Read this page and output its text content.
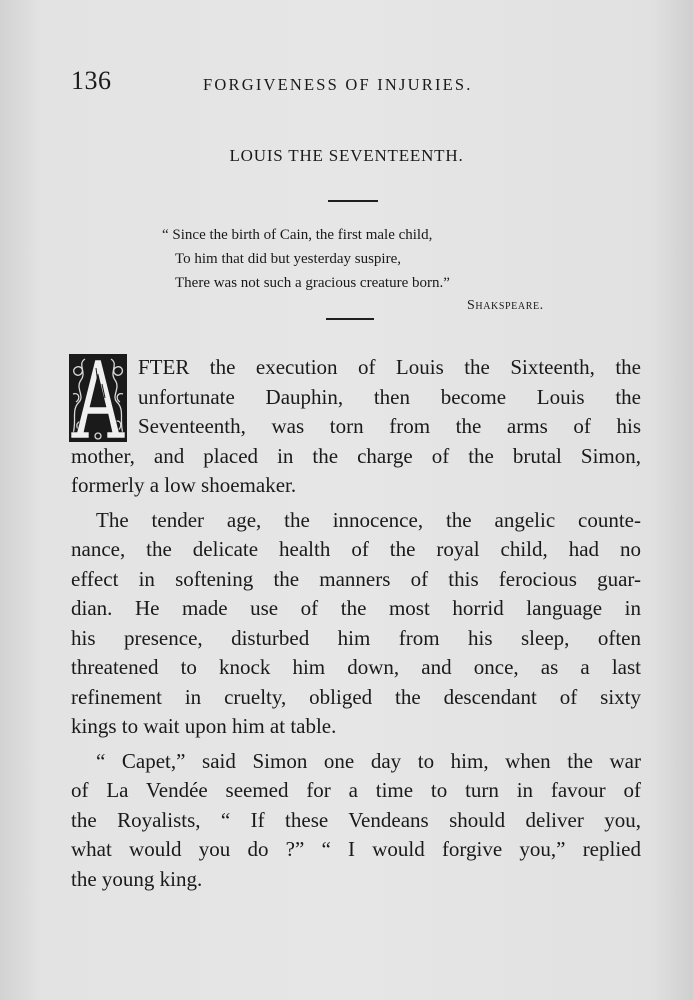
136	FORGIVENESS OF INJURIES.
LOUIS THE SEVENTEENTH.
“ Since the birth of Cain, the first male child,
To him that did but yesterday suspire,
There was not such a gracious creature born.”
Shakspeare.
FTER the execution of Louis the Sixteenth, the
unfortunate Dauphin, then become Louis the
Seventeenth, was torn from the arms of his
mother, and placed in the charge of the brutal Simon,
formerly a low shoemaker.
The tender age, the innocence, the angelic counte-
nance, the delicate health of the royal child, had no
effect in softening the manners of this ferocious guar-
dian. He made use of the most horrid language in
his presence, disturbed him from his sleep, often
threatened to knock him down, and once, as a last
refinement in cruelty, obliged the descendant of sixty
kings to wait upon him at table.
“ Capet,” said Simon one day to him, when the war
of La Vendée seemed for a time to turn in favour of
the Royalists, “ If these Vendeans should deliver you,
what would you do ?” “ I would forgive you,” replied
the young king.
